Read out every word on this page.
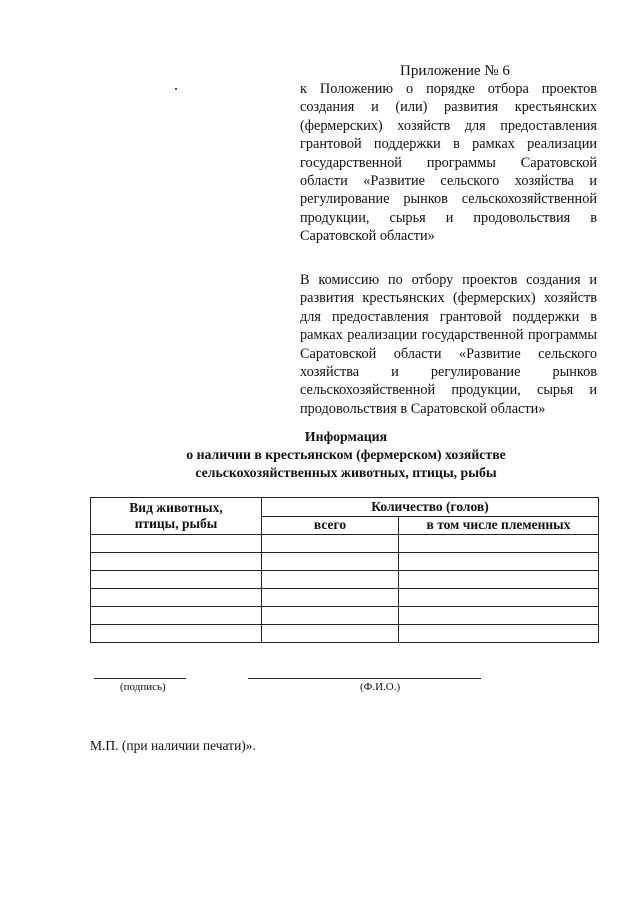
Приложение № 6
к Положению о порядке отбора проектов создания и (или) развития крестьянских (фермерских) хозяйств для предоставления грантовой поддержки в рамках реализации государственной программы Саратовской области «Развитие сельского хозяйства и регулирование рынков сельскохозяйственной продукции, сырья и продовольствия в Саратовской области»
В комиссию по отбору проектов создания и развития крестьянских (фермерских) хозяйств для предоставления грантовой поддержки в рамках реализации государственной программы Саратовской области «Развитие сельского хозяйства и регулирование рынков сельскохозяйственной продукции, сырья и продовольствия в Саратовской области»
Информация
о наличии в крестьянском (фермерском) хозяйстве
сельскохозяйственных животных, птицы, рыбы
Вид животных, птицы, рыбы	Количество (голов)	
	всего	в том числе племенных

(подпись)	(Ф.И.О.)
М.П. (при наличии печати)».
